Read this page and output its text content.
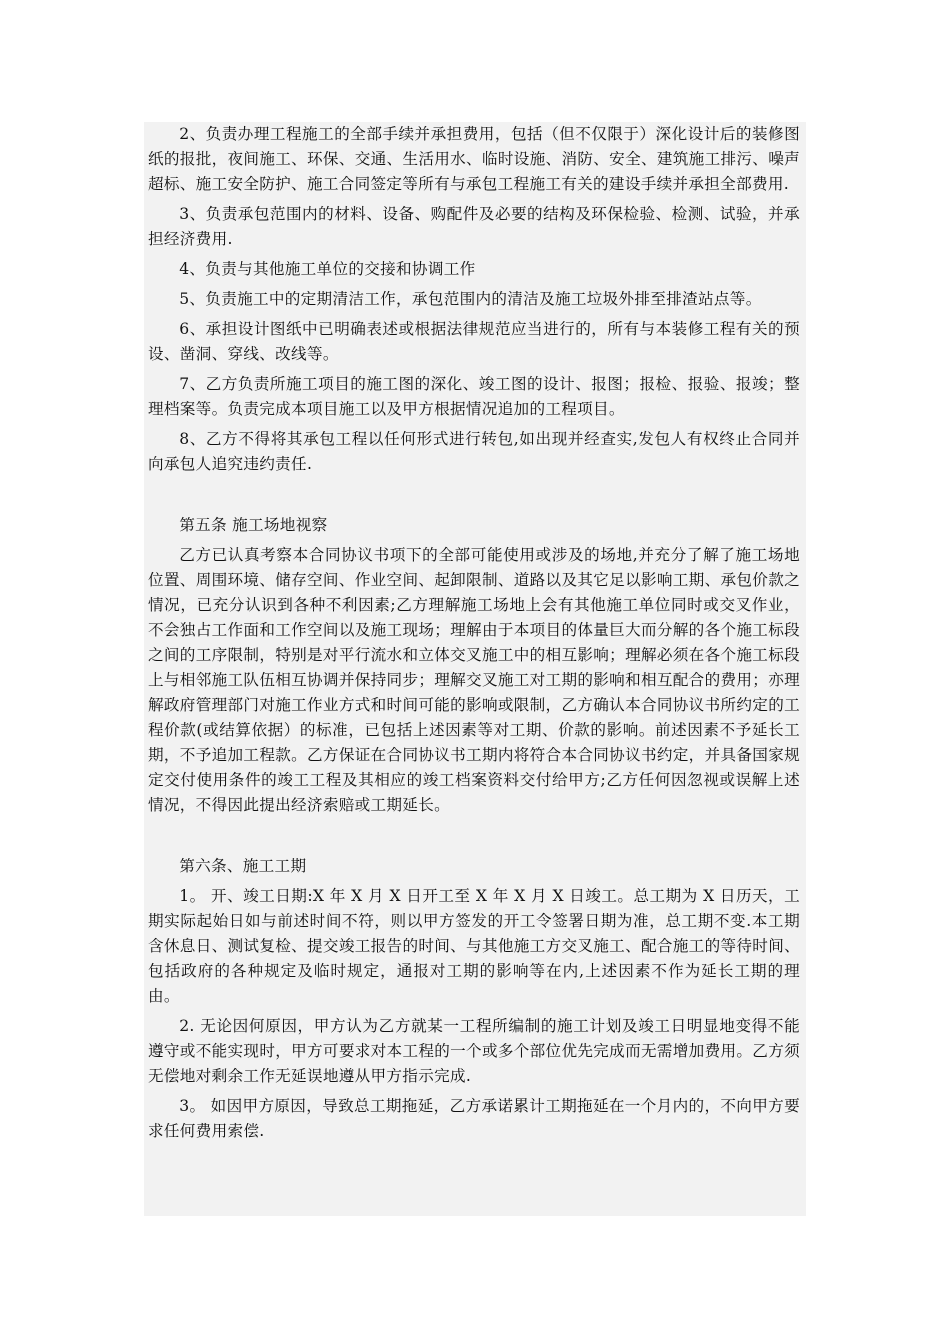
2、负责办理工程施工的全部手续并承担费用，包括（但不仅限于）深化设计后的装修图纸的报批，夜间施工、环保、交通、生活用水、临时设施、消防、安全、建筑施工排污、噪声超标、施工安全防护、施工合同签定等所有与承包工程施工有关的建设手续并承担全部费用.

3、负责承包范围内的材料、设备、购配件及必要的结构及环保检验、检测、试验，并承担经济费用.

4、负责与其他施工单位的交接和协调工作

5、负责施工中的定期清洁工作，承包范围内的清洁及施工垃圾外排至排渣站点等。

6、承担设计图纸中已明确表述或根据法律规范应当进行的，所有与本装修工程有关的预设、凿洞、穿线、改线等。

7、乙方负责所施工项目的施工图的深化、竣工图的设计、报图；报检、报验、报竣；整理档案等。负责完成本项目施工以及甲方根据情况追加的工程项目。

8、乙方不得将其承包工程以任何形式进行转包,如出现并经查实,发包人有权终止合同并向承包人追究违约责任.

第五条 施工场地视察

乙方已认真考察本合同协议书项下的全部可能使用或涉及的场地,并充分了解了施工场地位置、周围环境、储存空间、作业空间、起卸限制、道路以及其它足以影响工期、承包价款之情况，已充分认识到各种不利因素;乙方理解施工场地上会有其他施工单位同时或交叉作业，不会独占工作面和工作空间以及施工现场；理解由于本项目的体量巨大而分解的各个施工标段之间的工序限制，特别是对平行流水和立体交叉施工中的相互影响；理解必须在各个施工标段上与相邻施工队伍相互协调并保持同步；理解交叉施工对工期的影响和相互配合的费用；亦理解政府管理部门对施工作业方式和时间可能的影响或限制，乙方确认本合同协议书所约定的工程价款(或结算依据）的标准，已包括上述因素等对工期、价款的影响。前述因素不予延长工期，不予追加工程款。乙方保证在合同协议书工期内将符合本合同协议书约定，并具备国家规定交付使用条件的竣工工程及其相应的竣工档案资料交付给甲方;乙方任何因忽视或误解上述情况，不得因此提出经济索赔或工期延长。

第六条、施工工期

1。 开、竣工日期:X 年 X 月 X 日开工至 X 年 X 月 X 日竣工。总工期为 X 日历天，工期实际起始日如与前述时间不符，则以甲方签发的开工令签署日期为准，总工期不变.本工期含休息日、测试复检、提交竣工报告的时间、与其他施工方交叉施工、配合施工的等待时间、包括政府的各种规定及临时规定，通报对工期的影响等在内,上述因素不作为延长工期的理由。

2. 无论因何原因，甲方认为乙方就某一工程所编制的施工计划及竣工日明显地变得不能遵守或不能实现时，甲方可要求对本工程的一个或多个部位优先完成而无需增加费用。乙方须无偿地对剩余工作无延误地遵从甲方指示完成.

3。 如因甲方原因，导致总工期拖延，乙方承诺累计工期拖延在一个月内的，不向甲方要求任何费用索偿.
